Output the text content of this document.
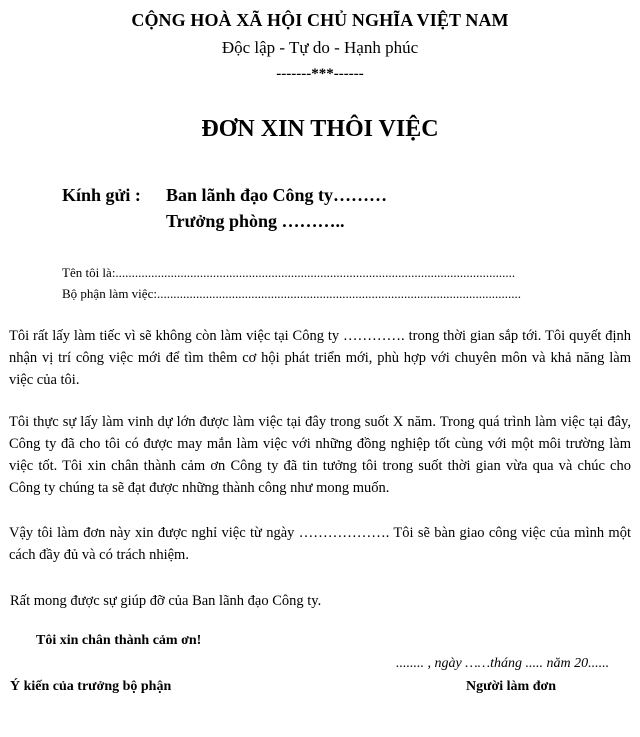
CỘNG HOÀ XÃ HỘI CHỦ NGHĨA VIỆT NAM
Độc lập - Tự do - Hạnh phúc
-------***------
ĐƠN XIN THÔI VIỆC
Kính gửi : Ban lãnh đạo Công ty………
Trưởng phòng ………..
Tên tôi là:...........................................................................................................................
Bộ phận làm việc:................................................................................................................
Tôi rất lấy làm tiếc vì sẽ không còn làm việc tại Công ty …………. trong thời gian sắp tới. Tôi quyết định nhận vị trí công việc mới để tìm thêm cơ hội phát triển mới, phù hợp với chuyên môn và khả năng làm việc của tôi.
Tôi thực sự lấy làm vinh dự lớn được làm việc tại đây trong suốt X năm. Trong quá trình làm việc tại đây, Công ty đã cho tôi có được may mắn làm việc với những đồng nghiệp tốt cùng với một môi trường làm việc tốt. Tôi xin chân thành cảm ơn Công ty đã tin tưởng tôi trong suốt thời gian vừa qua và chúc cho Công ty chúng ta sẽ đạt được những thành công như mong muốn.
Vậy tôi làm đơn này xin được nghỉ việc từ ngày ………………. Tôi sẽ bàn giao công việc của mình một cách đầy đủ và có trách nhiệm.
Rất mong được sự giúp đỡ của Ban lãnh đạo Công ty.
Tôi xin chân thành cảm ơn!
........ , ngày ……tháng ..... năm 20......
Ý kiến của trưởng bộ phận	Người làm đơn
